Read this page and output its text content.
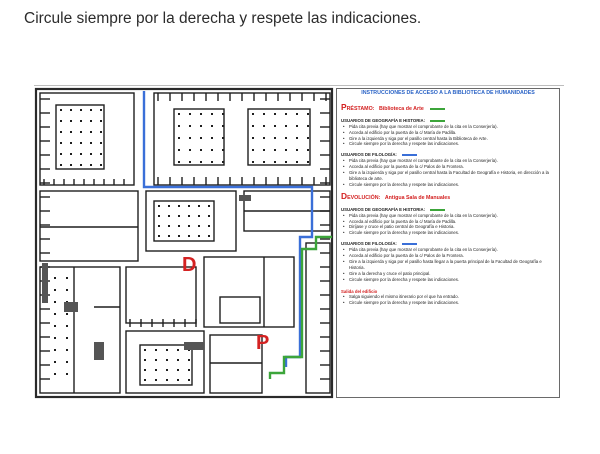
Circule siempre por la derecha y respete las indicaciones.
D
P
INSTRUCCIONES DE ACCESO A LA BIBLIOTECA DE HUMANIDADES
PRÉSTAMO: Biblioteca de Arte
USUARIOS DE GEOGRAFÍA E HISTORIA:
• Pida cita previa (hay que mostrar el comprobante de la cita en la Conserjería).
• Acceda al edificio por la puerta de la c/ María de Padilla.
• Gire a la izquierda y siga por el pasillo central hasta la Biblioteca de Arte.
• Circule siempre por la derecha y respete las indicaciones.
USUARIOS DE FILOLOGÍA:
• Pida cita previa (hay que mostrar el comprobante de la cita en la Conserjería).
• Acceda al edificio por la puerta de la c/ Palos de la Frontera.
• Gire a la izquierda y siga por el pasillo central hasta la Facultad de Geografía e Historia, en dirección a la biblioteca de arte.
• Circule siempre por la derecha y respete las indicaciones.
DEVOLUCIÓN: Antigua Sala de Manuales
USUARIOS DE GEOGRAFÍA E HISTORIA:
• Pida cita previa (hay que mostrar el comprobante de la cita en la Conserjería).
• Acceda al edificio por la puerta de la c/ María de Padilla.
• Diríjase y cruce el patio central de Geografía e Historia.
• Circule siempre por la derecha y respete las indicaciones.
USUARIOS DE FILOLOGÍA:
• Pida cita previa (hay que mostrar el comprobante de la cita en la Conserjería).
• Acceda al edificio por la puerta de la c/ Palos de la Frontera.
• Gire a la izquierda y siga por el pasillo hasta llegar a la puerta principal de la Facultad de Geografía e Historia.
• Gire a la derecha y cruce el patio principal.
• Circule siempre por la derecha y respete las indicaciones.
Salida del edificio
• Salga siguiendo el mismo itinerario por el que ha entrado.
• Circule siempre por la derecha y respete las indicaciones.
